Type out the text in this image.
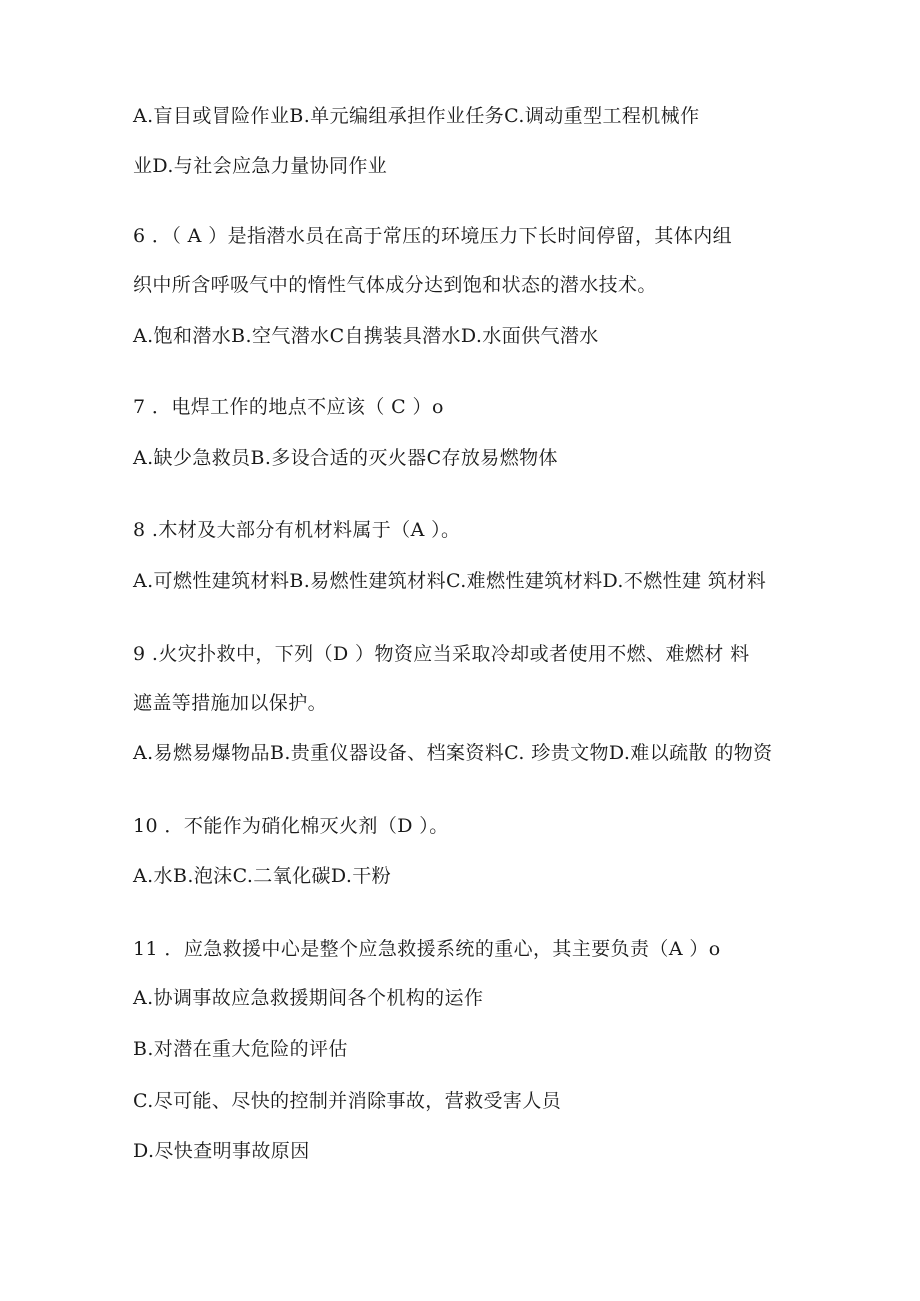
A.盲目或冒险作业B.单元编组承担作业任务C.调动重型工程机械作
业D.与社会应急力量协同作业
6 ．（ A ）是指潜水员在高于常压的环境压力下长时间停留，其体内组
织中所含呼吸气中的惰性气体成分达到饱和状态的潜水技术。
A.饱和潜水B.空气潜水C自携装具潜水D.水面供气潜水
7 ．电焊工作的地点不应该（ C ）o
A.缺少急救员B.多设合适的灭火器C存放易燃物体
8 .木材及大部分有机材料属于（A ）。
A.可燃性建筑材料B.易燃性建筑材料C.难燃性建筑材料D.不燃性建 筑材料
9 .火灾扑救中，下列（D ）物资应当采取冷却或者使用不燃、难燃材 料
遮盖等措施加以保护。
A.易燃易爆物品B.贵重仪器设备、档案资料C. 珍贵文物D.难以疏散 的物资
10 ．不能作为硝化棉灭火剂（D ）。
A.水B.泡沫C.二氧化碳D.干粉
11 ．应急救援中心是整个应急救援系统的重心，其主要负责（A ）o
A.协调事故应急救援期间各个机构的运作
B.对潜在重大危险的评估
C.尽可能、尽快的控制并消除事故，营救受害人员
D.尽快查明事故原因
